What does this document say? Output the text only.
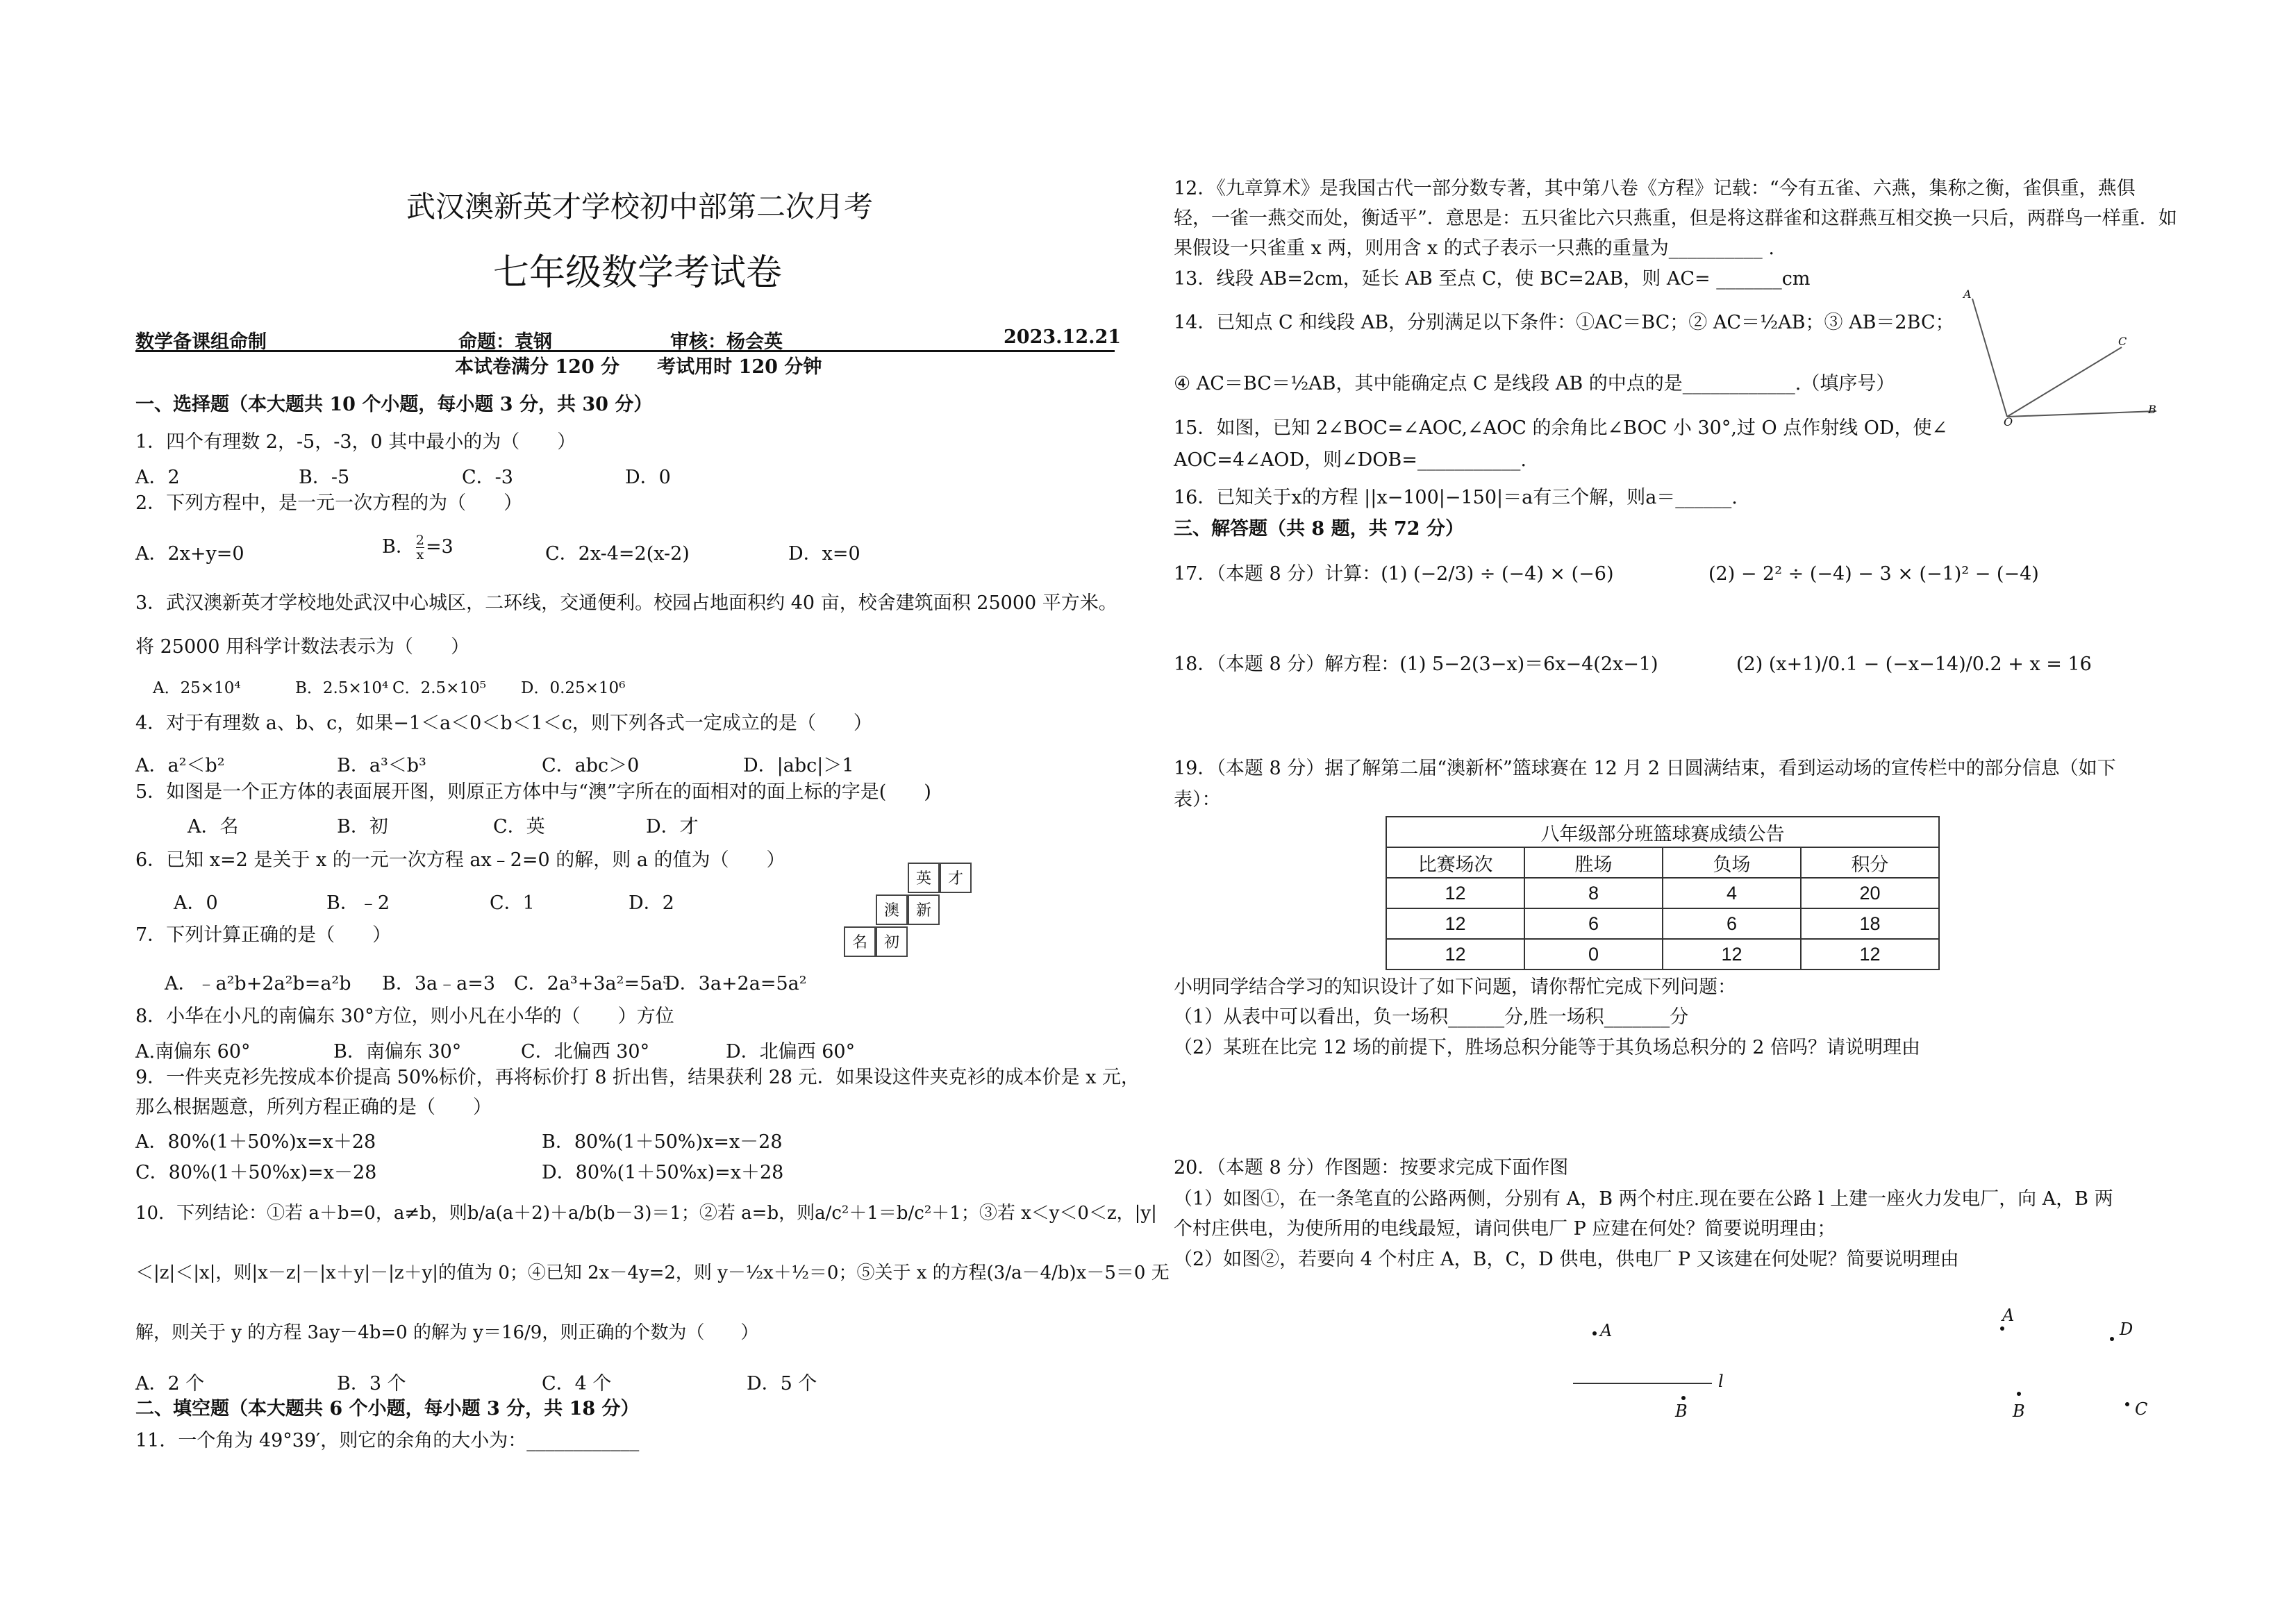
武汉澳新英才学校初中部第二次月考
七年级数学考试卷
数学备课组命制	命题：袁钢	审核：杨会英	2023.12.21
本试卷满分 120 分　　考试用时 120 分钟
一、选择题（本大题共 10 个小题，每小题 3 分，共 30 分）
1．四个有理数 2，-5，-3，0 其中最小的为（　　）
A．2	B．-5	C．-3	D．0
2．下列方程中，是一元一次方程的为（　　）
A．2x+y=0	B． $\frac{2}{x} =3$	C．2x-4=2(x-2)	D．x=0
3．武汉澳新英才学校地处武汉中心城区，二环线，交通便利。校园占地面积约 40 亩，校舍建筑面积 25000 平方米。
将 25000 用科学计数法表示为（　　）
A．25×10⁴	B．2.5×10⁴ C．2.5×10⁵ D．0.25×10⁶
4．对于有理数 a、b、c，如果−1＜a＜0＜b＜1＜c，则下列各式一定成立的是（　　）
A．a²＜b²	B．a³＜b³	C．abc＞0	D．|abc|＞1
5．如图是一个正方体的表面展开图，则原正方体中与“澳”字所在的面相对的面上标的字是(　　)
A．名	B．初	C．英	D．才
6．已知 x=2 是关于 x 的一元一次方程 ax﹣2=0 的解，则 a 的值为（　　）
A．0	B．﹣2	C．1	D．2
英	才
澳	新
名	初
7．下列计算正确的是（　　）
A．﹣a²b+2a²b=a²b B．3a﹣a=3 C．2a³+3a²=5a⁵
D．3a+2a=5a²
8．小华在小凡的南偏东 30°方位，则小凡在小华的（　　）方位
A.南偏东 60°	B．南偏东 30°	C．北偏西 30°	D．北偏西 60°
9．一件夹克衫先按成本价提高 50%标价，再将标价打 8 折出售，结果获利 28 元．如果设这件夹克衫的成本价是 x 元，
那么根据题意，所列方程正确的是（　　）
A．80%(1＋50%)x=x＋28	B．80%(1＋50%)x=x－28
C．80%(1＋50%x)=x－28	D．80%(1＋50%x)=x＋28
10．下列结论：①若 a＋b=0，a≠b，则b/a(a＋2)＋a/b(b－3)＝1；②若 a=b，则a/c²＋1＝b/c²＋1；③若 x＜y＜0＜z，|y|
＜|z|＜|x|，则|x－z|－|x＋y|－|z＋y|的值为 0；④已知 2x－4y=2，则 y－½x＋½＝0；⑤关于 x 的方程(3/a－4/b)x－5＝0 无
解，则关于 y 的方程 3ay－4b=0 的解为 y＝16/9，则正确的个数为（　　）
A．2 个	B．3 个	C．4 个	D．5 个
二、填空题（本大题共 6 个小题，每小题 3 分，共 18 分）
11．一个角为 49°39′，则它的余角的大小为：____________
12．《九章算术》是我国古代一部分数专著，其中第八卷《方程》记载：“今有五雀、六燕，集称之衡，雀俱重，燕俱
轻，一雀一燕交而处，衡适平”．意思是：五只雀比六只燕重，但是将这群雀和这群燕互相交换一只后，两群鸟一样重．如
果假设一只雀重 x 两，则用含 x 的式子表示一只燕的重量为__________ .
13．线段 AB=2cm，延长 AB 至点 C，使 BC=2AB，则 AC= _______cm
14．已知点 C 和线段 AB，分别满足以下条件：①AC＝BC；② AC＝½AB；③ AB＝2BC；
④ AC＝BC＝½AB，其中能确定点 C 是线段 AB 的中点的是____________.（填序号）
A
C
O
B
15．如图，已知 2∠BOC=∠AOC,∠AOC 的余角比∠BOC 小 30°,过 O 点作射线 OD，使∠
AOC=4∠AOD，则∠DOB=___________.
16．已知关于x的方程 ||x−100|−150|＝a有三个解，则a＝______.
三、解答题（共 8 题，共 72 分）
17．（本题 8 分）计算：(1) (−2/3) ÷ (−4) × (−6)	(2) − 2² ÷ (−4) − 3 × (−1)² − (−4)
18．（本题 8 分）解方程：(1) 5−2(3−x)＝6x−4(2x−1)	(2) (x+1)/0.1 − (−x−14)/0.2 + x = 16
19．（本题 8 分）据了解第二届“澳新杯”篮球赛在 12 月 2 日圆满结束，看到运动场的宣传栏中的部分信息（如下
表）：
八年级部分班篮球赛成绩公告			
比赛场次	胜场	负场	积分
12	8	4	20
12	6	6	18
12	0	12	12
小明同学结合学习的知识设计了如下问题，请你帮忙完成下列问题：
（1）从表中可以看出，负一场积______分,胜一场积_______分
（2）某班在比完 12 场的前提下，胜场总积分能等于其负场总积分的 2 倍吗？请说明理由
20．（本题 8 分）作图题：按要求完成下面作图
（1）如图①，在一条笔直的公路两侧，分别有 A，B 两个村庄.现在要在公路 l 上建一座火力发电厂，向 A，B 两
个村庄供电，为使所用的电线最短，请问供电厂 P 应建在何处？简要说明理由；
（2）如图②，若要向 4 个村庄 A，B，C，D 供电，供电厂 P 又该建在何处呢？简要说明理由
A
l
B
A
D
B	C
